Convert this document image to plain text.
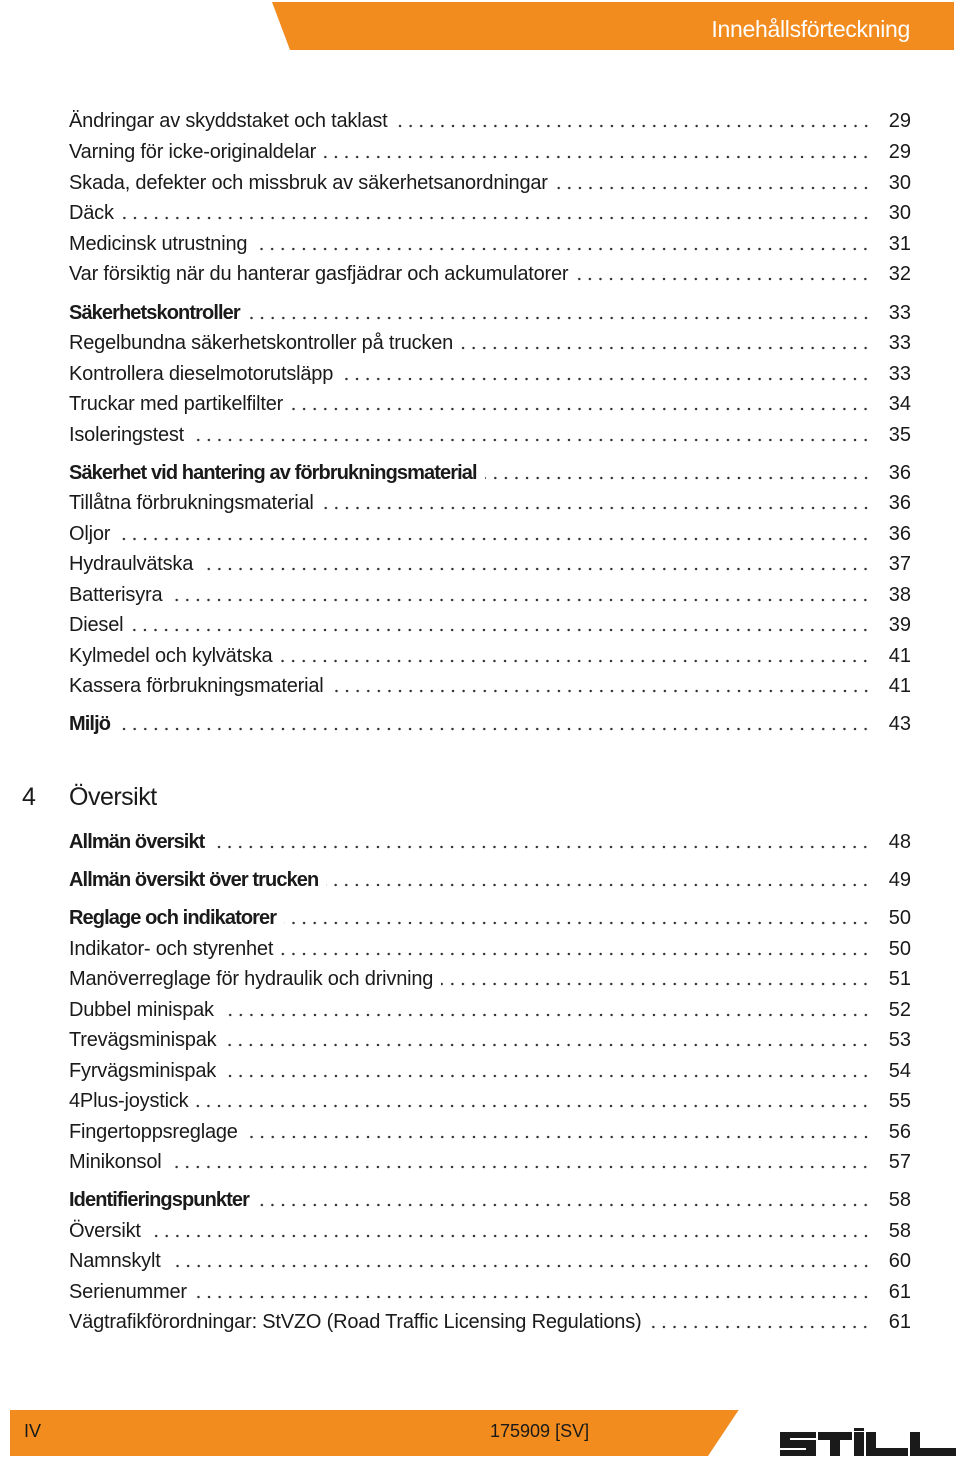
Innehållsförteckning
Ändringar av skyddstaket och taklast	29
Varning för icke-originaldelar	29
Skada, defekter och missbruk av säkerhetsanordningar	30
Däck	30
Medicinsk utrustning	31
Var försiktig när du hanterar gasfjädrar och ackumulatorer	32
Säkerhetskontroller	33
Regelbundna säkerhetskontroller på trucken	33
Kontrollera dieselmotorutsläpp	33
Truckar med partikelfilter	34
Isoleringstest	35
Säkerhet vid hantering av förbrukningsmaterial	36
Tillåtna förbrukningsmaterial	36
Oljor	36
Hydraulvätska	37
Batterisyra	38
Diesel	39
Kylmedel och kylvätska	41
Kassera förbrukningsmaterial	41
Miljö	43
Allmän översikt	48
Allmän översikt över trucken	49
Reglage och indikatorer	50
Indikator- och styrenhet	50
Manöverreglage för hydraulik och drivning	51
Dubbel minispak	52
Trevägsminispak	53
Fyrvägsminispak	54
4Plus-joystick	55
Fingertoppsreglage	56
Minikonsol	57
Identifieringspunkter	58
Översikt	58
Namnskylt	60
Serienummer	61
Vägtrafikförordningar: StVZO (Road Traffic Licensing Regulations)	61
4 Översikt
IV	175909 [SV]
